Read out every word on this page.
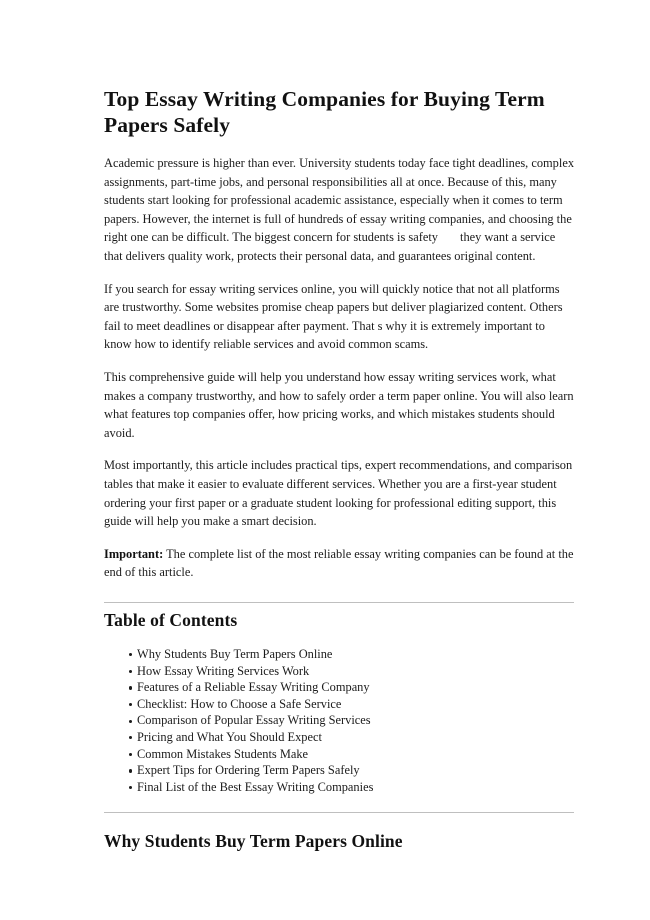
Top Essay Writing Companies for Buying Term Papers Safely

Academic pressure is higher than ever. University students today face tight deadlines, complex assignments, part-time jobs, and personal responsibilities all at once. Because of this, many students start looking for professional academic assistance, especially when it comes to term papers. However, the internet is full of hundreds of essay writing companies, and choosing the right one can be difficult. The biggest concern for students is safety they want a service that delivers quality work, protects their personal data, and guarantees original content.

If you search for essay writing services online, you will quickly notice that not all platforms are trustworthy. Some websites promise cheap papers but deliver plagiarized content. Others fail to meet deadlines or disappear after payment. That s why it is extremely important to know how to identify reliable services and avoid common scams.

This comprehensive guide will help you understand how essay writing services work, what makes a company trustworthy, and how to safely order a term paper online. You will also learn what features top companies offer, how pricing works, and which mistakes students should avoid.

Most importantly, this article includes practical tips, expert recommendations, and comparison tables that make it easier to evaluate different services. Whether you are a first-year student ordering your first paper or a graduate student looking for professional editing support, this guide will help you make a smart decision.

Important: The complete list of the most reliable essay writing companies can be found at the end of this article.

Table of Contents
Why Students Buy Term Papers Online
How Essay Writing Services Work
Features of a Reliable Essay Writing Company
Checklist: How to Choose a Safe Service
Comparison of Popular Essay Writing Services
Pricing and What You Should Expect
Common Mistakes Students Make
Expert Tips for Ordering Term Papers Safely
Final List of the Best Essay Writing Companies
Why Students Buy Term Papers Online
